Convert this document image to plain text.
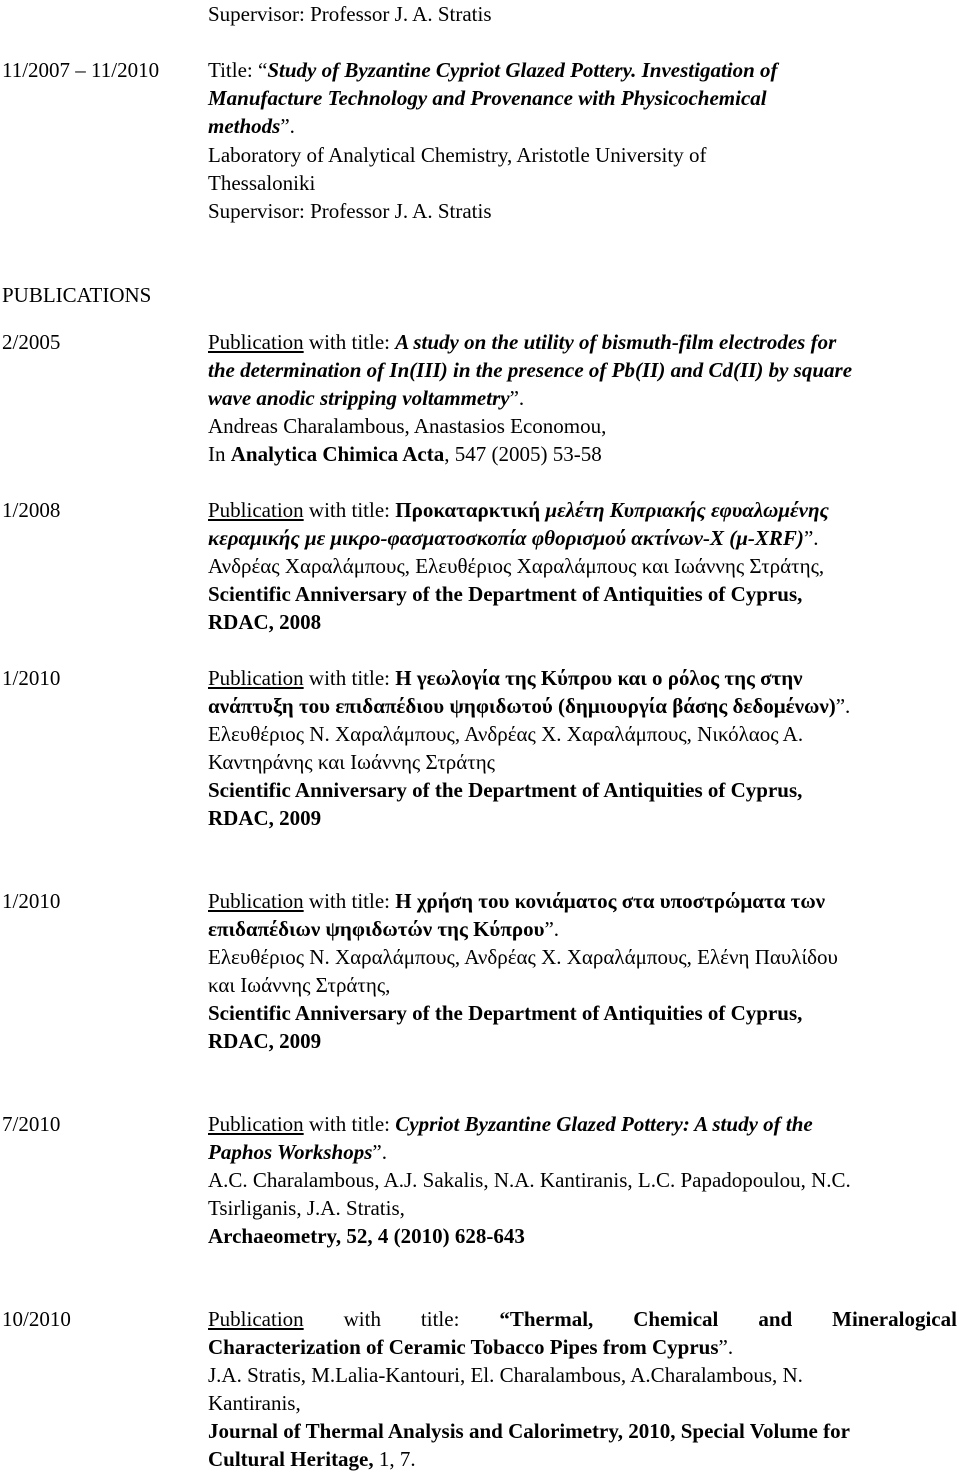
Supervisor: Professor J. A. Stratis
11/2007 – 11/2010 Title: “Study of Byzantine Cypriot Glazed Pottery. Investigation of
Manufacture Technology and Provenance with Physicochemical
methods”.
Laboratory of Analytical Chemistry, Aristotle University of
Thessaloniki
Supervisor: Professor J. A. Stratis
PUBLICATIONS
2/2005	Publication with title: A study on the utility of bismuth-film electrodes for
the determination of In(III) in the presence of Pb(II) and Cd(II) by square
wave anodic stripping voltammetry”.
Andreas Charalambous, Anastasios Economou,
In Analytica Chimica Acta, 547 (2005) 53-58
1/2008	Publication with title: Προκαταρκτική μελέτη Κυπριακής εφυαλωμένης
κεραμικής με μικρο-φασματοσκοπία φθορισμού ακτίνων-Χ (μ-XRF)”.
Ανδρέας Χαραλάμπους, Ελευθέριος Χαραλάμπους και Ιωάννης Στράτης,
Scientific Anniversary of the Department of Antiquities of Cyprus,
RDAC, 2008
1/2010	Publication with title: Η γεωλογία της Κύπρου και ο ρόλος της στην
ανάπτυξη του επιδαπέδιου ψηφιδωτού (δημιουργία βάσης δεδομένων)”.
Ελευθέριος Ν. Χαραλάμπους, Ανδρέας Χ. Χαραλάμπους, Νικόλαος Α.
Καντηράνης και Ιωάννης Στράτης
Scientific Anniversary of the Department of Antiquities of Cyprus,
RDAC, 2009
1/2010	Publication with title: Η χρήση του κονιάματος στα υποστρώματα των
επιδαπέδιων ψηφιδωτών της Κύπρου”.
Ελευθέριος Ν. Χαραλάμπους, Ανδρέας Χ. Χαραλάμπους, Ελένη Παυλίδου
και Ιωάννης Στράτης,
Scientific Anniversary of the Department of Antiquities of Cyprus,
RDAC, 2009
7/2010	Publication with title: Cypriot Byzantine Glazed Pottery: A study of the
Paphos Workshops”.
A.C. Charalambous, A.J. Sakalis, N.A. Kantiranis, L.C. Papadopoulou, N.C.
Tsirliganis, J.A. Stratis,
Archaeometry, 52, 4 (2010) 628-643
10/2010	Publication with title: “Thermal, Chemical and Mineralogical
Characterization of Ceramic Tobacco Pipes from Cyprus”.
J.A. Stratis, M.Lalia-Kantouri, El. Charalambous, A.Charalambous, N.
Kantiranis,
Journal of Thermal Analysis and Calorimetry, 2010, Special Volume for
Cultural Heritage, 1, 7.
